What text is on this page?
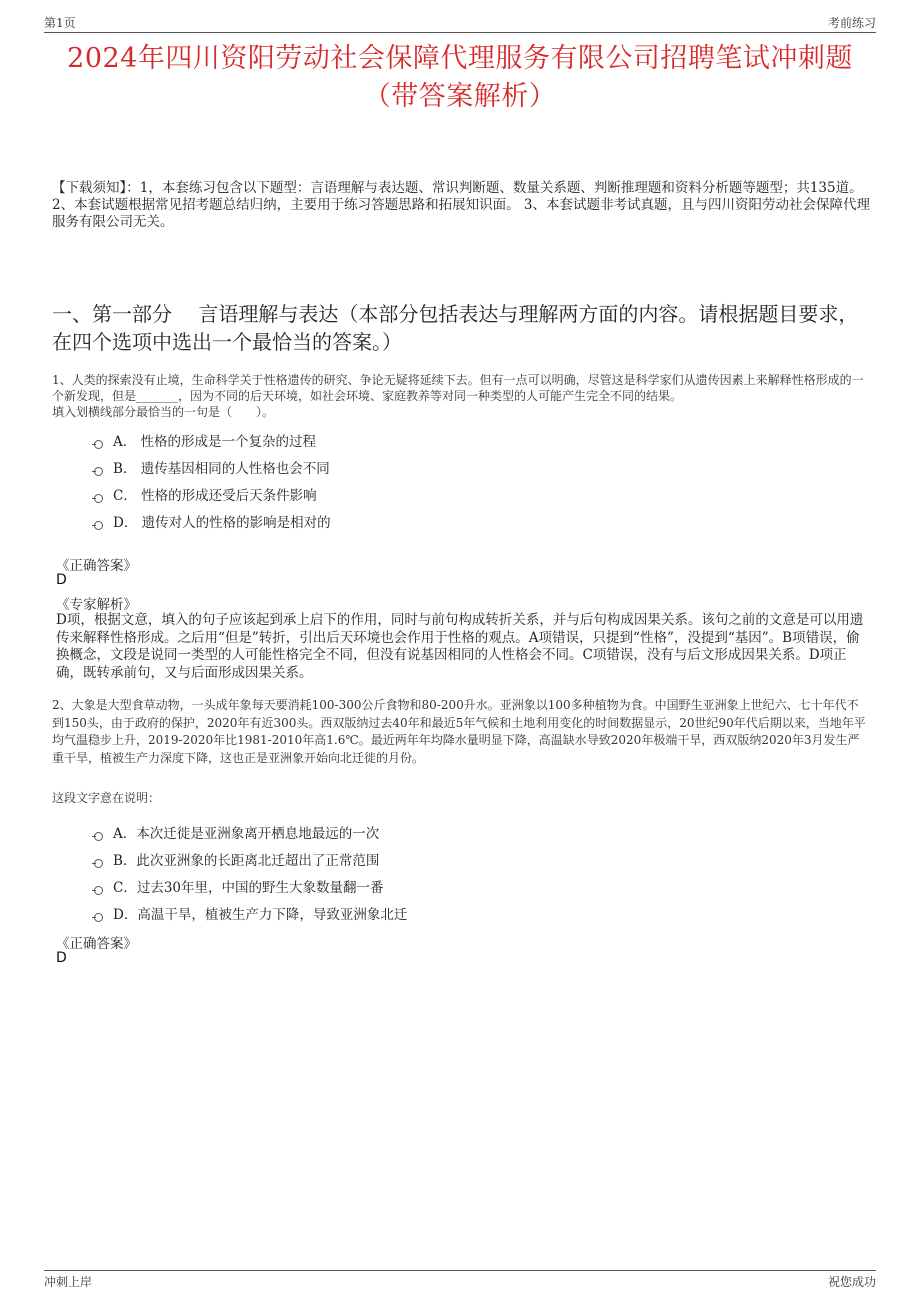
第1页	考前练习
2024年四川资阳劳动社会保障代理服务有限公司招聘笔试冲刺题（带答案解析）
【下载须知】：1，本套练习包含以下题型：言语理解与表达题、常识判断题、数量关系题、判断推理题和资料分析题等题型；共135道。 2、本套试题根据常见招考题总结归纳，主要用于练习答题思路和拓展知识面。 3、本套试题非考试真题，且与四川资阳劳动社会保障代理服务有限公司无关。
一、第一部分　 言语理解与表达（本部分包括表达与理解两方面的内容。请根据题目要求，在四个选项中选出一个最恰当的答案。）
1、人类的探索没有止境，生命科学关于性格遗传的研究、争论无疑将延续下去。但有一点可以明确，尽管这是科学家们从遗传因素上来解释性格形成的一个新发现，但是_______，因为不同的后天环境，如社会环境、家庭教养等对同一种类型的人可能产生完全不同的结果。
填入划横线部分最恰当的一句是（　　）。
A． 性格的形成是一个复杂的过程
B． 遗传基因相同的人性格也会不同
C． 性格的形成还受后天条件影响
D． 遗传对人的性格的影响是相对的
《正确答案》
D
《专家解析》
D项，根据文意，填入的句子应该起到承上启下的作用，同时与前句构成转折关系，并与后句构成因果关系。该句之前的文意是可以用遗传来解释性格形成。之后用“但是”转折，引出后天环境也会作用于性格的观点。A项错误，只提到“性格”，没提到“基因”。B项错误，偷换概念，文段是说同一类型的人可能性格完全不同，但没有说基因相同的人性格会不同。C项错误，没有与后文形成因果关系。D项正确，既转承前句，又与后面形成因果关系。
2、大象是大型食草动物，一头成年象每天要消耗100-300公斤食物和80-200升水。亚洲象以100多种植物为食。中国野生亚洲象上世纪六、七十年代不到150头，由于政府的保护，2020年有近300头。西双版纳过去40年和最近5年气候和土地利用变化的时间数据显示，20世纪90年代后期以来，当地年平均气温稳步上升，2019-2020年比1981-2010年高1.6℃。最近两年年均降水量明显下降，高温缺水导致2020年极端干旱，西双版纳2020年3月发生严重干旱，植被生产力深度下降，这也正是亚洲象开始向北迁徙的月份。
这段文字意在说明：
A．本次迁徙是亚洲象离开栖息地最远的一次
B．此次亚洲象的长距离北迁超出了正常范围
C．过去30年里，中国的野生大象数量翻一番
D．高温干旱，植被生产力下降，导致亚洲象北迁
《正确答案》
D
冲刺上岸	祝您成功
